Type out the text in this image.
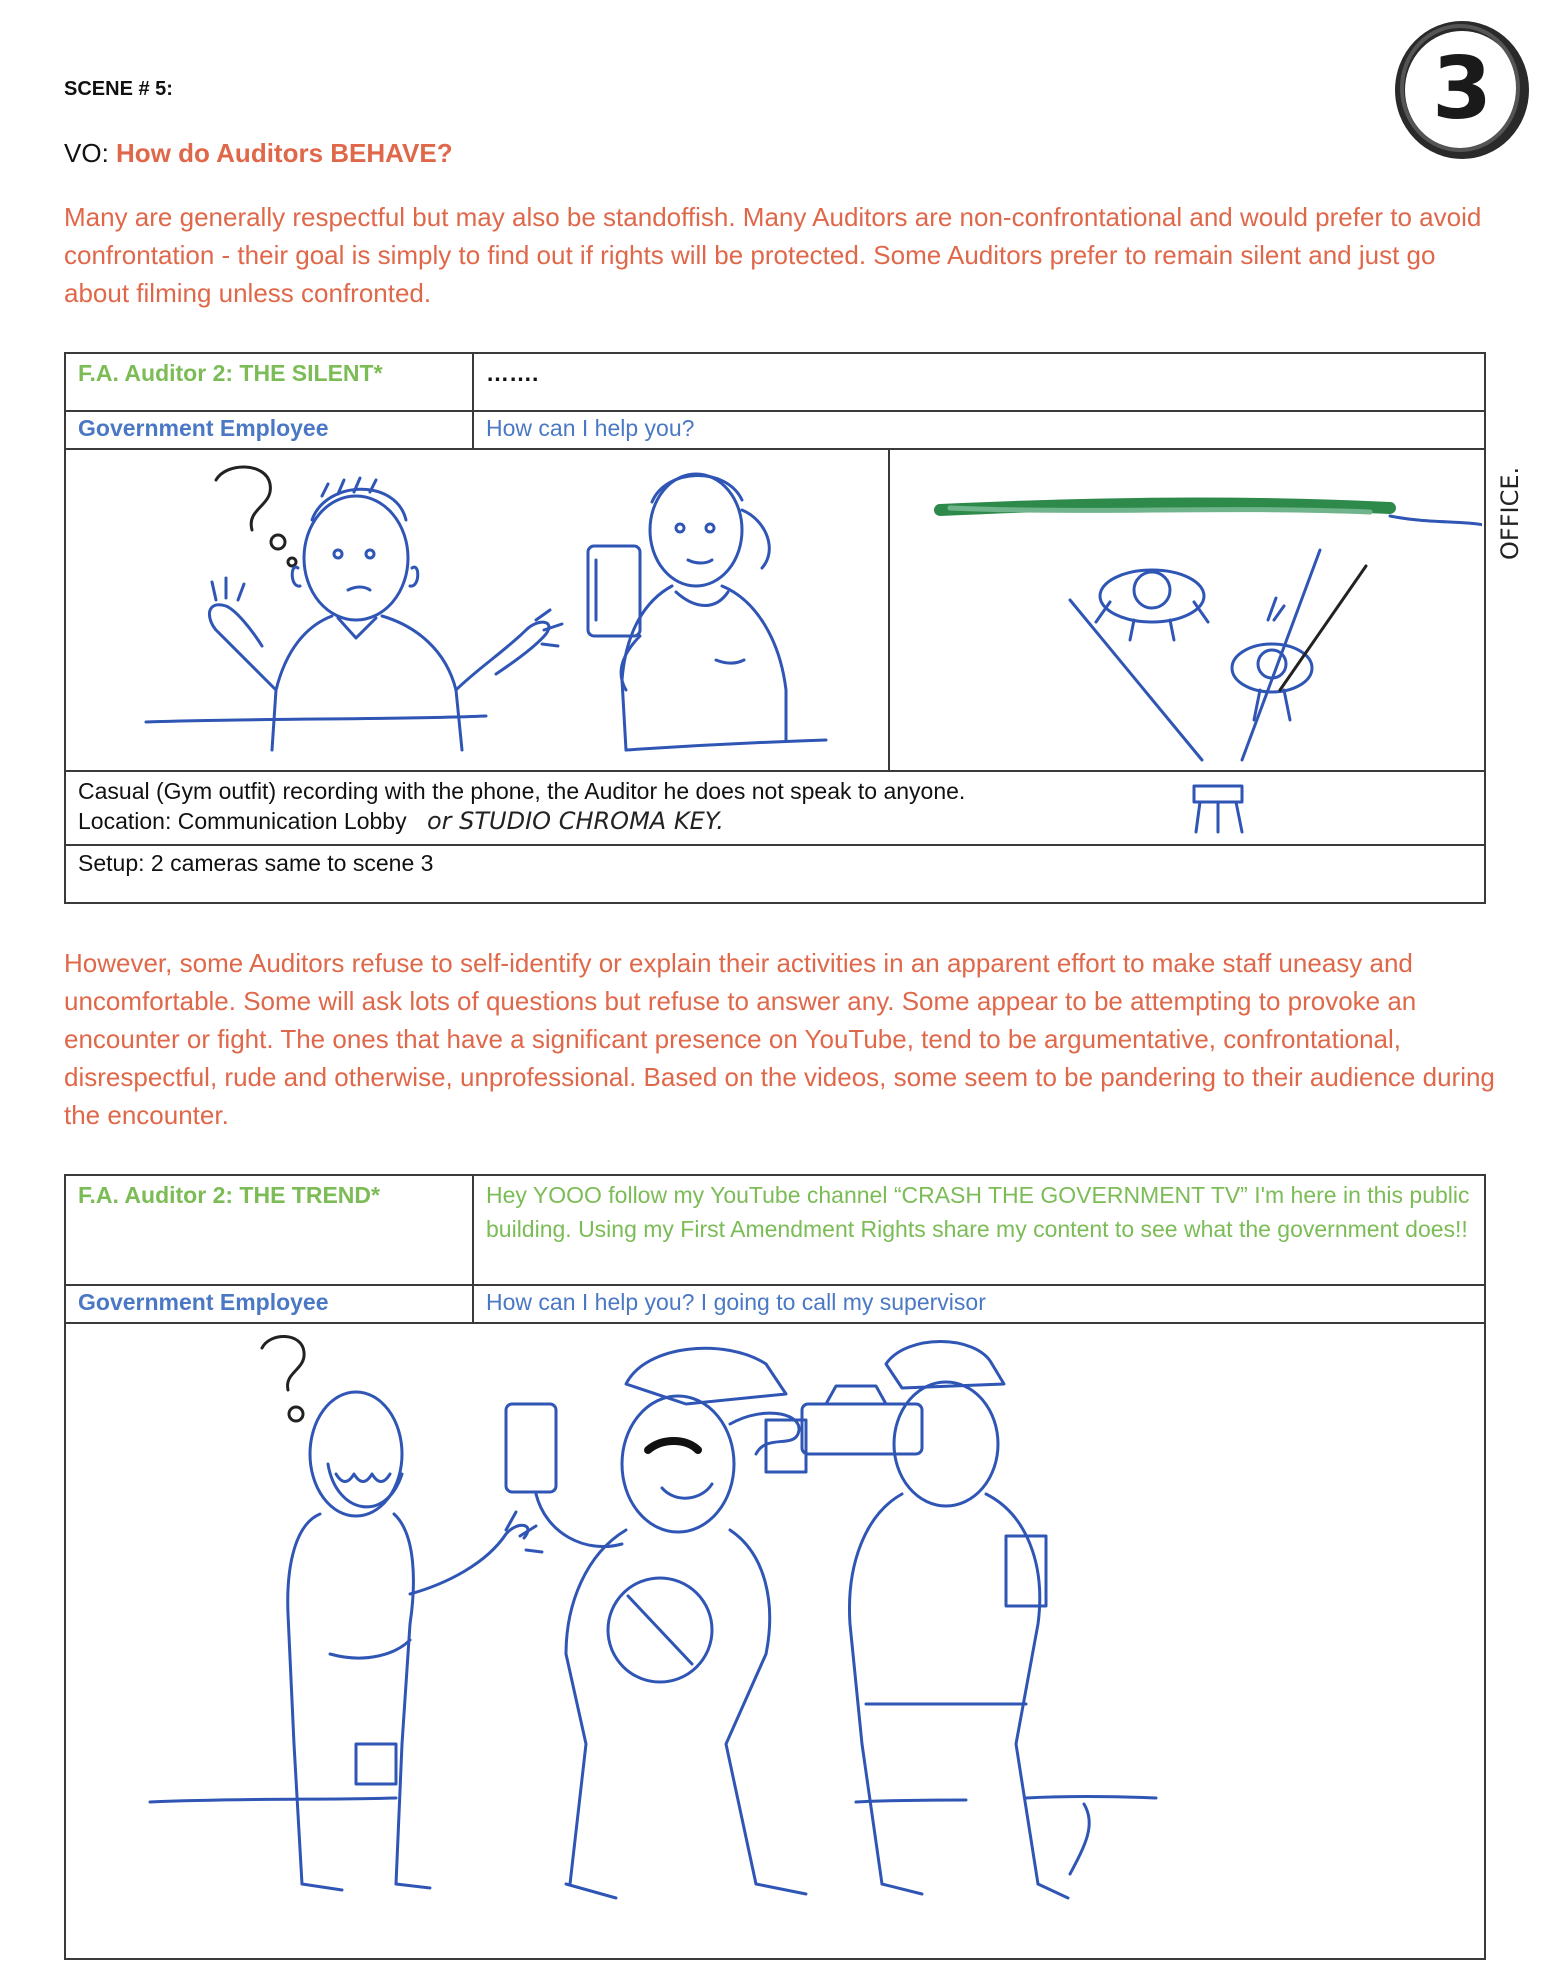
SCENE # 5:
VO: How do Auditors BEHAVE?
3

Many are generally respectful but may also be standoffish. Many Auditors are non-confrontational and would prefer to avoid confrontation - their goal is simply to find out if rights will be protected. Some Auditors prefer to remain silent and just go about filming unless confronted.

F.A. Auditor 2: THE SILENT*	…….	
Government Employee	How can I help you?	

Casual (Gym outfit) recording with the phone, the Auditor he does not speak to anyone.
Location: Communication Lobby or STUDIO CHROMA KEY.		

Setup: 2 cameras same to scene 3		
OFFICE.

However, some Auditors refuse to self-identify or explain their activities in an apparent effort to make staff uneasy and uncomfortable. Some will ask lots of questions but refuse to answer any. Some appear to be attempting to provoke an encounter or fight. The ones that have a significant presence on YouTube, tend to be argumentative, confrontational, disrespectful, rude and otherwise, unprofessional. Based on the videos, some seem to be pandering to their audience during the encounter.

F.A. Auditor 2: THE TREND*	Hey YOOO follow my YouTube channel “CRASH THE GOVERNMENT TV” I'm here in this public building. Using my First Amendment Rights share my content to see what the government does!!
Government Employee	How can I help you? I going to call my supervisor
